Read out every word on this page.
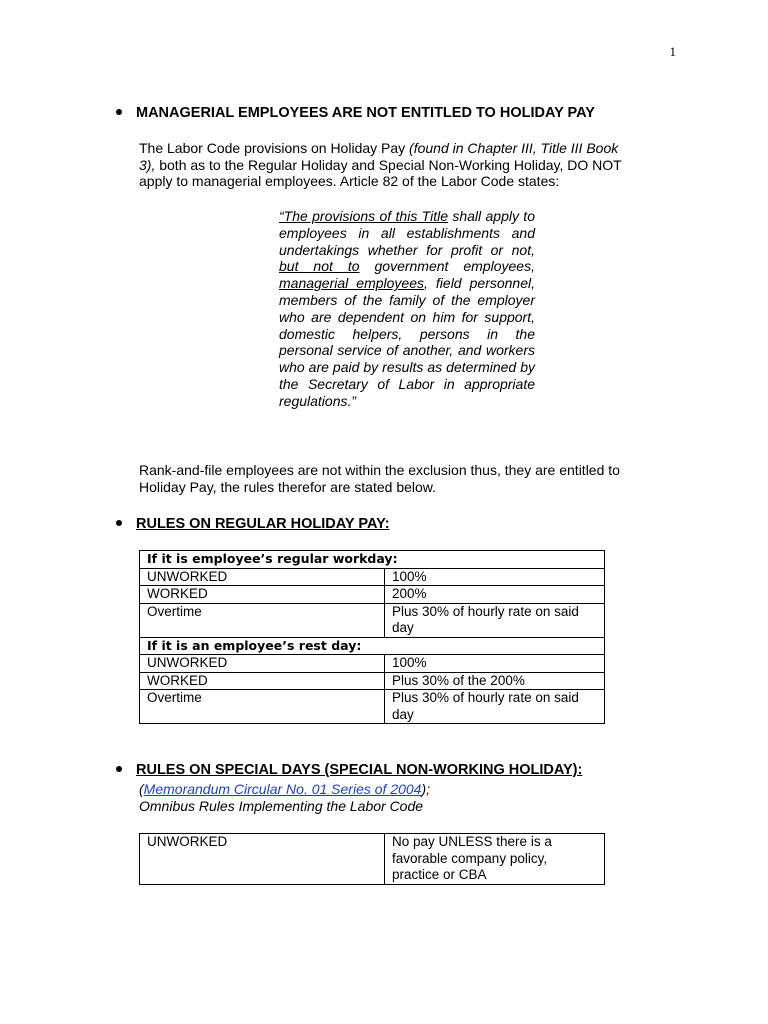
1
MANAGERIAL EMPLOYEES ARE NOT ENTITLED TO HOLIDAY PAY
The Labor Code provisions on Holiday Pay (found in Chapter III, Title III Book
3), both as to the Regular Holiday and Special Non-Working Holiday, DO NOT
apply to managerial employees. Article 82 of the Labor Code states:
“The provisions of this Title shall apply to employees in all establishments and undertakings whether for profit or not, but not to government employees, managerial employees, field personnel, members of the family of the employer who are dependent on him for support, domestic helpers, persons in the personal service of another, and workers who are paid by results as determined by the Secretary of Labor in appropriate regulations.”
Rank-and-file employees are not within the exclusion thus, they are entitled to
Holiday Pay, the rules therefor are stated below.
RULES ON REGULAR HOLIDAY PAY:
If it is employee’s regular workday:	
UNWORKED	100%
WORKED	200%
Overtime	Plus 30% of hourly rate on said day
If it is an employee’s rest day:	
UNWORKED	100%
WORKED	Plus 30% of the 200%
Overtime	Plus 30% of hourly rate on said day
RULES ON SPECIAL DAYS (SPECIAL NON-WORKING HOLIDAY):
(Memorandum Circular No. 01 Series of 2004);
Omnibus Rules Implementing the Labor Code
UNWORKED	No pay UNLESS there is a favorable company policy, practice or CBA
